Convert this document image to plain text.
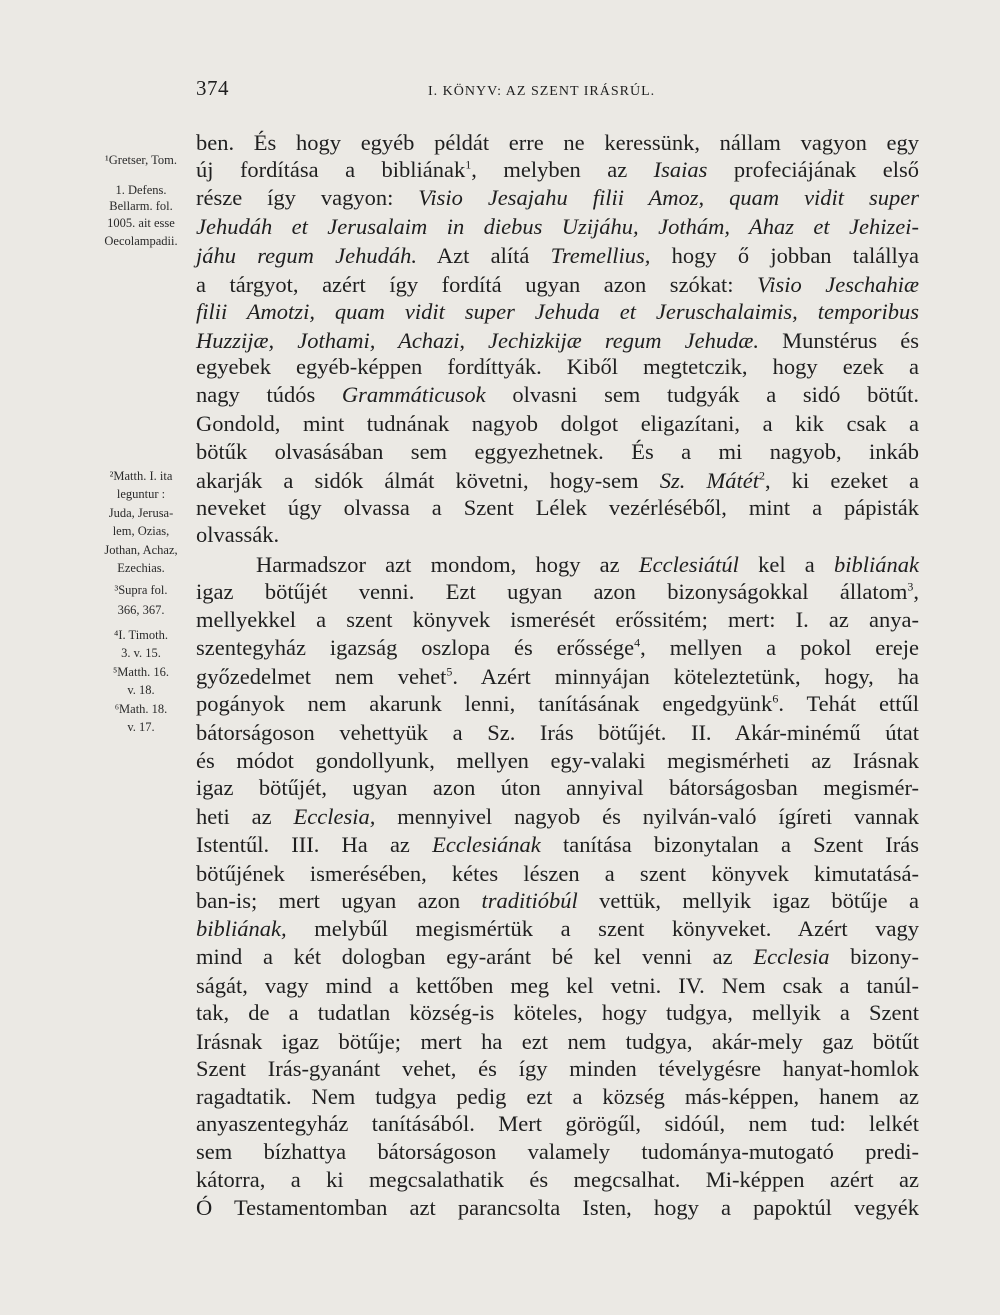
374	I. KÖNYV: AZ SZENT IRÁSRÚL.
ben. És hogy egyéb példát erre ne keressünk, nállam vagyon egy
új fordítása a bibliának$^1$, melyben az Isaias profeciájának első
része így vagyon: Visio Jesajahu filii Amoz, quam vidit super
Jehudáh et Jerusalaim in diebus Uzijáhu, Jothám, Ahaz et Jehizei-
jáhu regum Jehudáh. Azt alítá Tremellius, hogy ő jobban talállya
a tárgyot, azért így fordítá ugyan azon szókat: Visio Jeschahiæ
filii Amotzi, quam vidit super Jehuda et Jeruschalaimis, temporibus
Huzzijæ, Jothami, Achazi, Jechizkijæ regum Jehudæ. Munstérus és
egyebek egyéb-képpen fordíttyák. Kiből megtetczik, hogy ezek a
nagy túdós Grammáticusok olvasni sem tudgyák a sidó bötűt.
Gondold, mint tudnának nagyob dolgot eligazítani, a kik csak a
bötűk olvasásában sem eggyezhetnek. És a mi nagyob, inkáb
akarják a sidók álmát követni, hogy-sem Sz. Mátét$^2$, ki ezeket a
neveket úgy olvassa a Szent Lélek vezérléséből, mint a pápisták
olvassák.
Harmadszor azt mondom, hogy az Ecclesiátúl kel a bibliának
igaz bötűjét venni. Ezt ugyan azon bizonyságokkal állatom$^3$,
mellyekkel a szent könyvek ismerését erőssitém; mert: I. az anya-
szentegyház igazság oszlopa és erőssége$^4$, mellyen a pokol ereje
győzedelmet nem vehet$^5$. Azért minnyájan köteleztetünk, hogy, ha
pogányok nem akarunk lenni, tanításának engedgyünk$^6$. Tehát ettűl
bátorságoson vehettyük a Sz. Irás bötűjét. II. Akár-minémű útat
és módot gondollyunk, mellyen egy-valaki megismérheti az Irásnak
igaz bötűjét, ugyan azon úton annyival bátorságosban megismér-
heti az Ecclesia, mennyivel nagyob és nyilván-való ígíreti vannak
Istentűl. III. Ha az Ecclesiának tanítása bizonytalan a Szent Irás
bötűjének ismerésében, kétes lészen a szent könyvek kimutatásá-
ban-is; mert ugyan azon traditióbúl vettük, mellyik igaz bötűje a
bibliának, melybűl megismértük a szent könyveket. Azért vagy
mind a két dologban egy-aránt bé kel venni az Ecclesia bizony-
ságát, vagy mind a kettőben meg kel vetni. IV. Nem csak a tanúl-
tak, de a tudatlan község-is köteles, hogy tudgya, mellyik a Szent
Irásnak igaz bötűje; mert ha ezt nem tudgya, akár-mely gaz bötűt
Szent Irás-gyanánt vehet, és így minden tévelygésre hanyat-homlok
ragadtatik. Nem tudgya pedig ezt a község más-képpen, hanem az
anyaszentegyház tanításából. Mert görögűl, sidóúl, nem tud: lelkét
sem bízhattya bátorságoson valamely tudománya-mutogató predi-
kátorra, a ki megcsalathatik és megcsalhat. Mi-képpen azért az
Ó Testamentomban azt parancsolta Isten, hogy a papoktúl vegyék
¹Gretser, Tom.
1. Defens.
Bellarm. fol.
1005. ait esse
Oecolampadii.
²Matth. I. ita
leguntur :
Juda, Jerusa-
lem, Ozias,
Jothan, Achaz,
Ezechias.
³Supra fol.
366, 367.
⁴I. Timoth.
3. v. 15.
⁵Matth. 16.
v. 18.
⁶Math. 18.
v. 17.
